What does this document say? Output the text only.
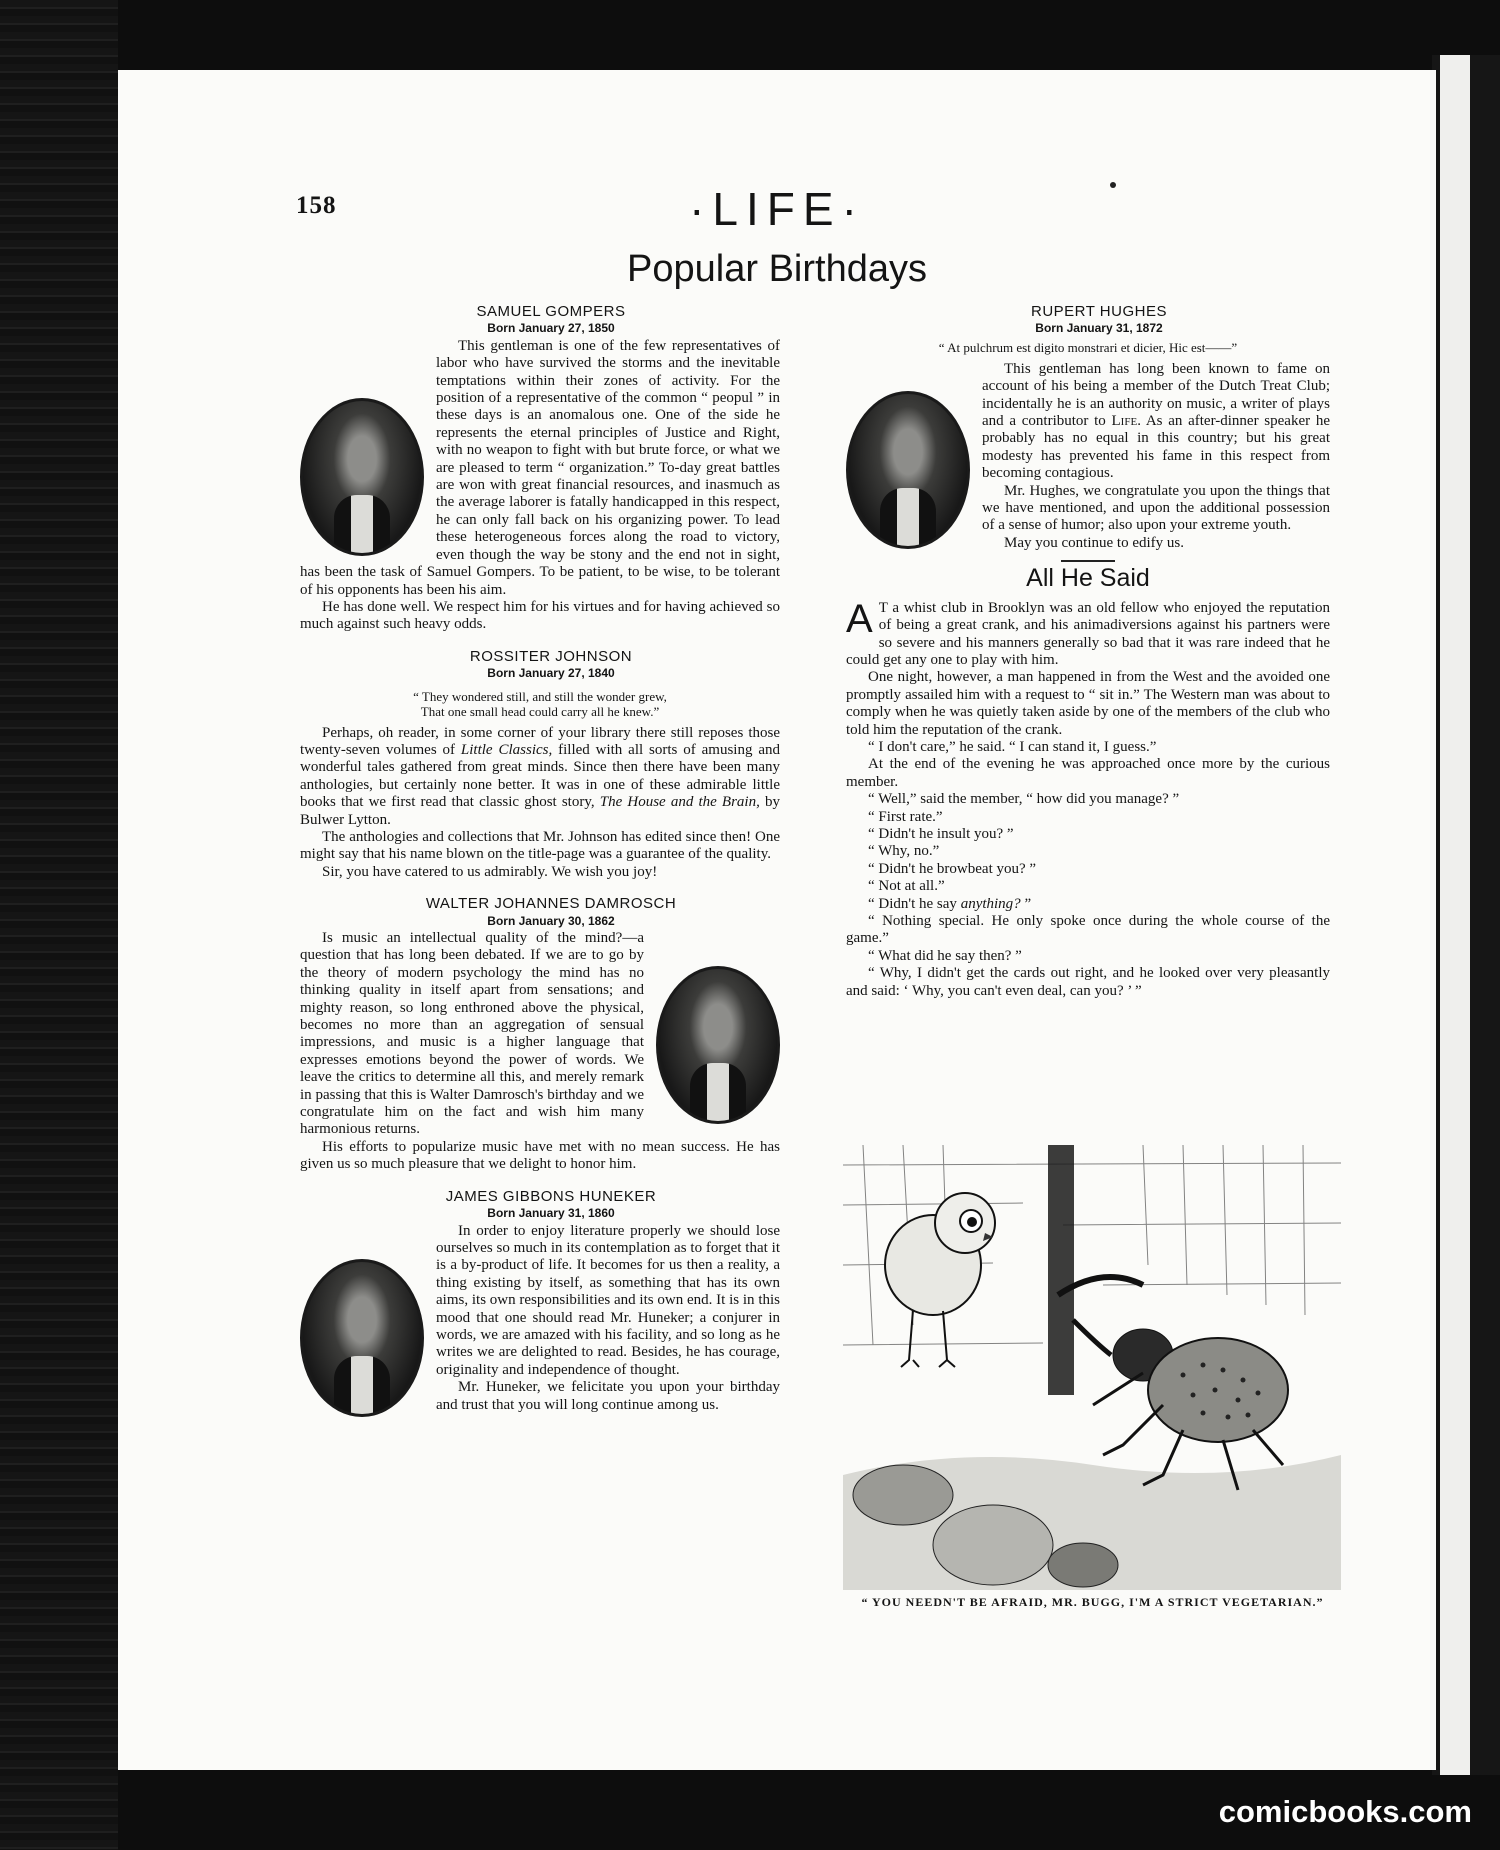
158	·LIFE·
Popular Birthdays

SAMUEL GOMPERS

Born January 27, 1850

This gentleman is one of the few representatives of labor who have survived the storms and the inevitable temptations within their zones of activity. For the position of a representative of the common “ peopul ” in these days is an anomalous one. One of the side he represents the eternal principles of Justice and Right, with no weapon to fight with but brute force, or what we are pleased to term “ organization.” To-day great battles are won with great financial resources, and inasmuch as the average laborer is fatally handicapped in this respect, he can only fall back on his organizing power. To lead these heterogeneous forces along the road to victory, even though the way be stony and the end not in sight, has been the task of Samuel Gompers. To be patient, to be wise, to be tolerant of his opponents has been his aim.

He has done well. We respect him for his virtues and for having achieved so much against such heavy odds.

ROSSITER JOHNSON

Born January 27, 1840

“ They wondered still, and still the wonder grew,
That one small head could carry all he knew.”

Perhaps, oh reader, in some corner of your library there still reposes those twenty-seven volumes of Little Classics, filled with all sorts of amusing and wonderful tales gathered from great minds. Since then there have been many anthologies, but certainly none better. It was in one of these admirable little books that we first read that classic ghost story, The House and the Brain, by Bulwer Lytton.

The anthologies and collections that Mr. Johnson has edited since then! One might say that his name blown on the title-page was a guarantee of the quality.

Sir, you have catered to us admirably. We wish you joy!

WALTER JOHANNES DAMROSCH

Born January 30, 1862

Is music an intellectual quality of the mind?—a question that has long been debated. If we are to go by the theory of modern psychology the mind has no thinking quality in itself apart from sensations; and mighty reason, so long enthroned above the physical, becomes no more than an aggregation of sensual impressions, and music is a higher language that expresses emotions beyond the power of words. We leave the critics to determine all this, and merely remark in passing that this is Walter Damrosch's birthday and we congratulate him on the fact and wish him many harmonious returns.

His efforts to popularize music have met with no mean success. He has given us so much pleasure that we delight to honor him.

JAMES GIBBONS HUNEKER

Born January 31, 1860

In order to enjoy literature properly we should lose ourselves so much in its contemplation as to forget that it is a by-product of life. It becomes for us then a reality, a thing existing by itself, as something that has its own aims, its own responsibilities and its own end. It is in this mood that one should read Mr. Huneker; a conjurer in words, we are amazed with his facility, and so long as he writes we are delighted to read. Besides, he has courage, originality and independence of thought.

Mr. Huneker, we felicitate you upon your birthday and trust that you will long continue among us.

RUPERT HUGHES

Born January 31, 1872

“ At pulchrum est digito monstrari et dicier, Hic est——”

This gentleman has long been known to fame on account of his being a member of the Dutch Treat Club; incidentally he is an authority on music, a writer of plays and a contributor to Life. As an after-dinner speaker he probably has no equal in this country; but his great modesty has prevented his fame in this respect from becoming contagious.

Mr. Hughes, we congratulate you upon the things that we have mentioned, and upon the additional possession of a sense of humor; also upon your extreme youth.

May you continue to edify us.

All He Said

A T a whist club in Brooklyn was an old fellow who enjoyed the reputation of being a great crank, and his animadiversions against his partners were so severe and his manners generally so bad that it was rare indeed that he could get any one to play with him.

One night, however, a man happened in from the West and the avoided one promptly assailed him with a request to “ sit in.” The Western man was about to comply when he was quietly taken aside by one of the members of the club who told him the reputation of the crank.

“ I don't care,” he said. “ I can stand it, I guess.”

At the end of the evening he was approached once more by the curious member.

“ Well,” said the member, “ how did you manage? ”

“ First rate.”

“ Didn't he insult you? ”

“ Why, no.”

“ Didn't he browbeat you? ”

“ Not at all.”

“ Didn't he say anything? ”

“ Nothing special. He only spoke once during the whole course of the game.”

“ What did he say then? ”

“ Why, I didn't get the cards out right, and he looked over very pleasantly and said: ‘ Why, you can't even deal, can you? ’ ”

“ YOU NEEDN'T BE AFRAID, MR. BUGG, I'M A STRICT VEGETARIAN.”
comicbooks.com
